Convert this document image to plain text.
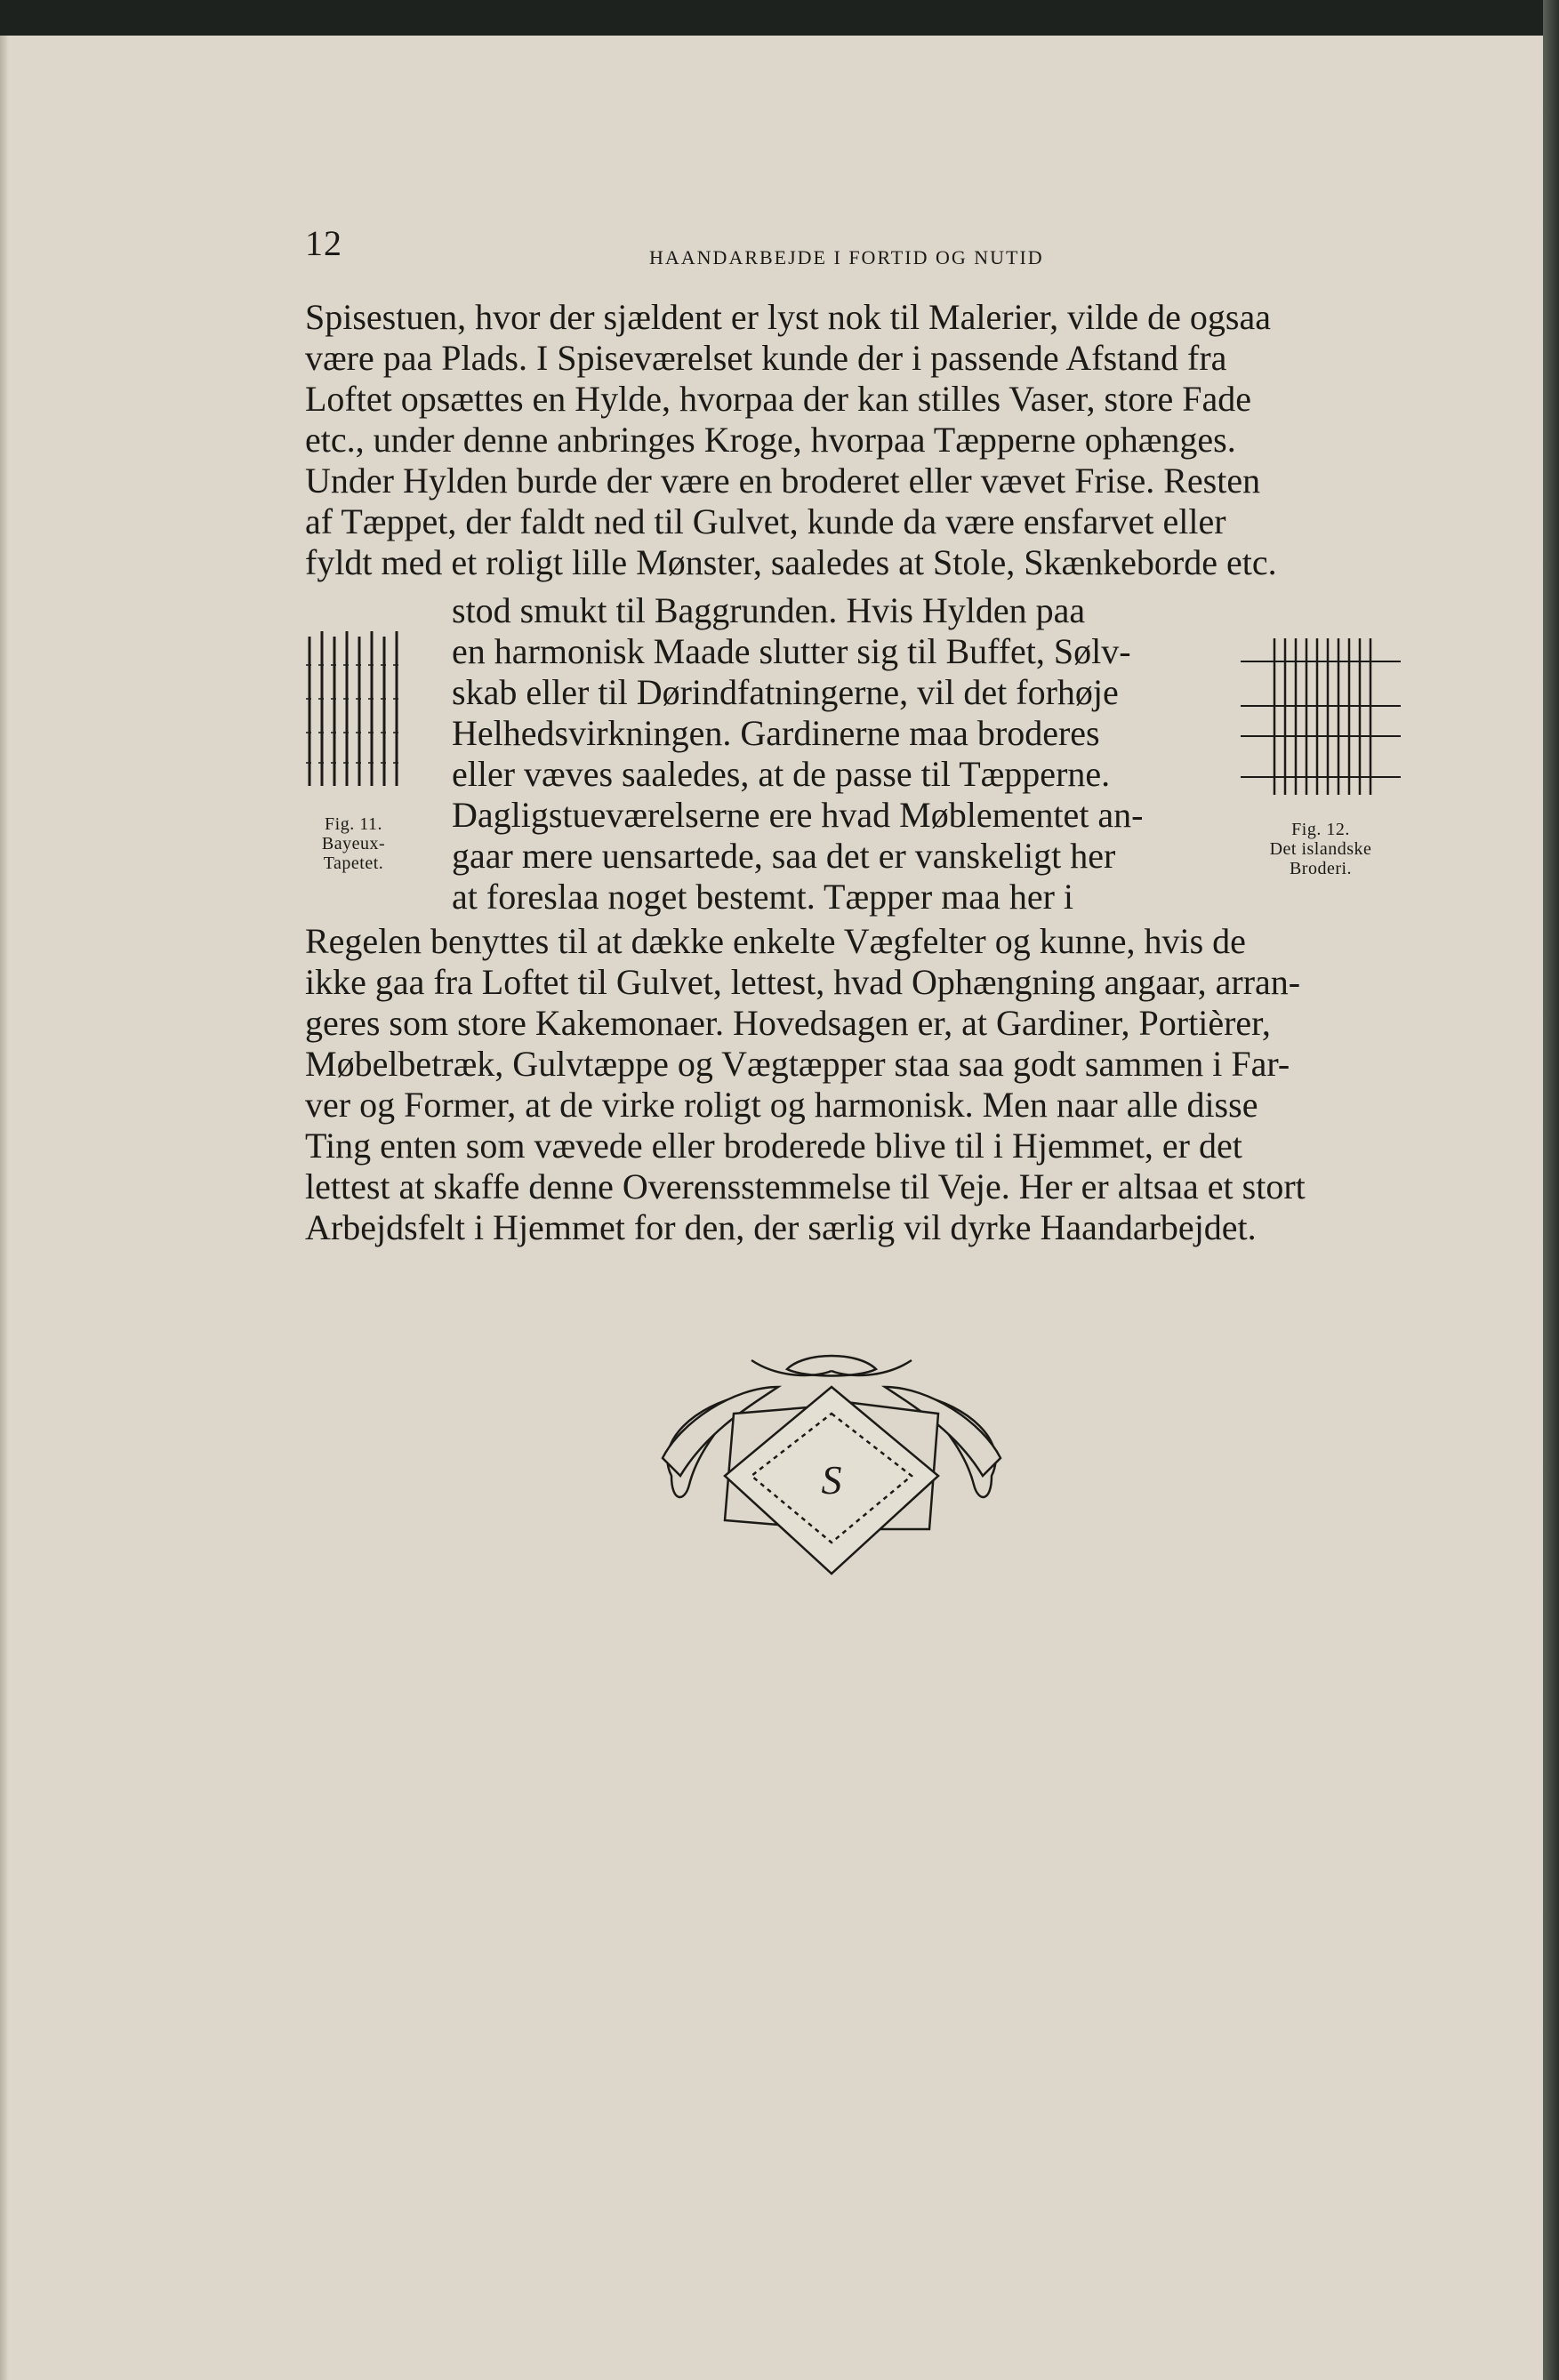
12	HAANDARBEJDE I FORTID OG NUTID
Spisestuen, hvor der sjældent er lyst nok til Malerier, vilde de ogsaa
være paa Plads. I Spiseværelset kunde der i passende Afstand fra
Loftet opsættes en Hylde, hvorpaa der kan stilles Vaser, store Fade
etc., under denne anbringes Kroge, hvorpaa Tæpperne ophænges.
Under Hylden burde der være en broderet eller vævet Frise. Resten
af Tæppet, der faldt ned til Gulvet, kunde da være ensfarvet eller
fyldt med et roligt lille Mønster, saaledes at Stole, Skænkeborde etc.
stod smukt til Baggrunden. Hvis Hylden paa
en harmonisk Maade slutter sig til Buffet, Sølv-
skab eller til Dørindfatningerne, vil det forhøje
Helhedsvirkningen. Gardinerne maa broderes
eller væves saaledes, at de passe til Tæpperne.
Dagligstueværelserne ere hvad Møblementet an-
gaar mere uensartede, saa det er vanskeligt her
at foreslaa noget bestemt. Tæpper maa her i
Regelen benyttes til at dække enkelte Vægfelter og kunne, hvis de
ikke gaa fra Loftet til Gulvet, lettest, hvad Ophængning angaar, arran-
geres som store Kakemonaer. Hovedsagen er, at Gardiner, Portièrer,
Møbelbetræk, Gulvtæppe og Vægtæpper staa saa godt sammen i Far-
ver og Former, at de virke roligt og harmonisk. Men naar alle disse
Ting enten som vævede eller broderede blive til i Hjemmet, er det
lettest at skaffe denne Overensstemmelse til Veje. Her er altsaa et stort
Arbejdsfelt i Hjemmet for den, der særlig vil dyrke Haandarbejdet.
Fig. 11.
Bayeux-
Tapetet.
Fig. 12.
Det islandske
Broderi.
S
